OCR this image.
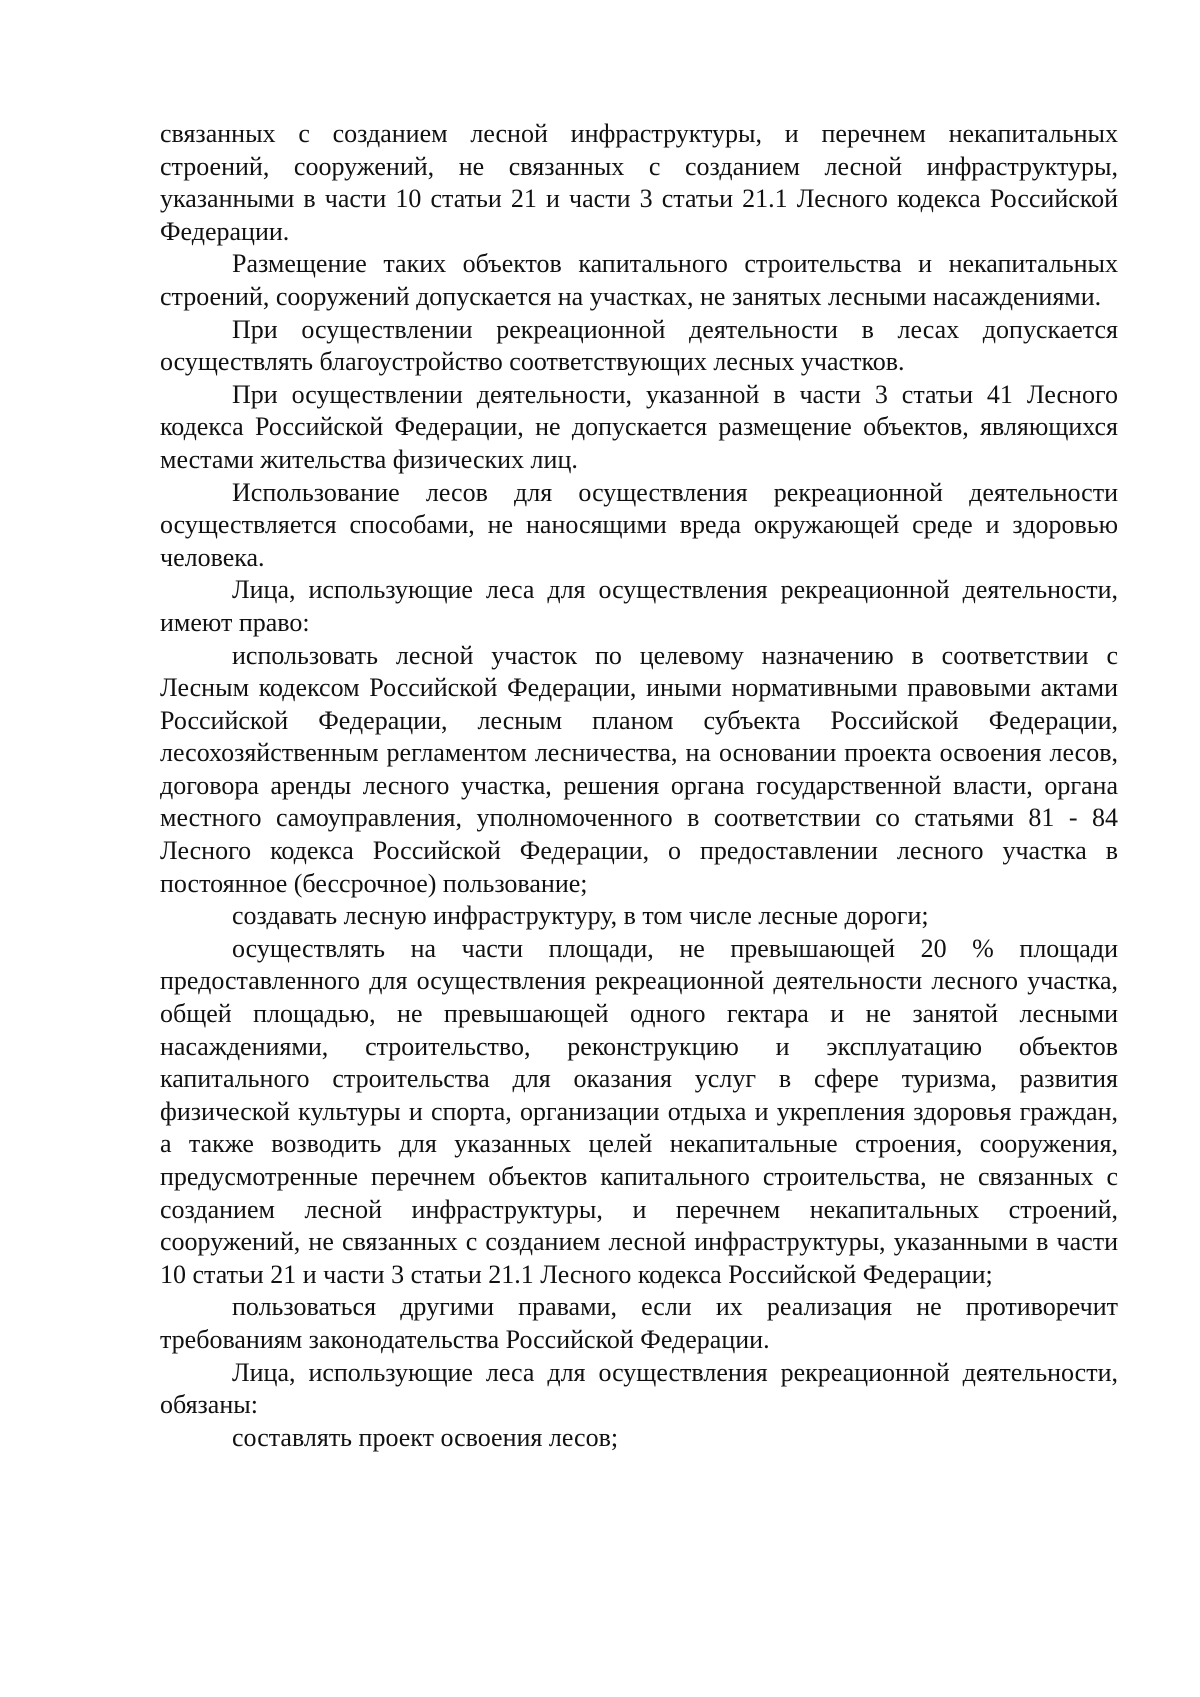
связанных с созданием лесной инфраструктуры, и перечнем некапитальных строений, сооружений, не связанных с созданием лесной инфраструктуры, указанными в части 10 статьи 21 и части 3 статьи 21.1 Лесного кодекса Российской Федерации.

Размещение таких объектов капитального строительства и некапитальных строений, сооружений допускается на участках, не занятых лесными насаждениями.

При осуществлении рекреационной деятельности в лесах допускается осуществлять благоустройство соответствующих лесных участков.

При осуществлении деятельности, указанной в части 3 статьи 41 Лесного кодекса Российской Федерации, не допускается размещение объектов, являющихся местами жительства физических лиц.

Использование лесов для осуществления рекреационной деятельности осуществляется способами, не наносящими вреда окружающей среде и здоровью человека.

Лица, использующие леса для осуществления рекреационной деятельности, имеют право:

использовать лесной участок по целевому назначению в соответствии с Лесным кодексом Российской Федерации, иными нормативными правовыми актами Российской Федерации, лесным планом субъекта Российской Федерации, лесохозяйственным регламентом лесничества, на основании проекта освоения лесов, договора аренды лесного участка, решения органа государственной власти, органа местного самоуправления, уполномоченного в соответствии со статьями 81 - 84 Лесного кодекса Российской Федерации, о предоставлении лесного участка в постоянное (бессрочное) пользование;

создавать лесную инфраструктуру, в том числе лесные дороги;

осуществлять на части площади, не превышающей 20 % площади предоставленного для осуществления рекреационной деятельности лесного участка, общей площадью, не превышающей одного гектара и не занятой лесными насаждениями, строительство, реконструкцию и эксплуатацию объектов капитального строительства для оказания услуг в сфере туризма, развития физической культуры и спорта, организации отдыха и укрепления здоровья граждан, а также возводить для указанных целей некапитальные строения, сооружения, предусмотренные перечнем объектов капитального строительства, не связанных с созданием лесной инфраструктуры, и перечнем некапитальных строений, сооружений, не связанных с созданием лесной инфраструктуры, указанными в части 10 статьи 21 и части 3 статьи 21.1 Лесного кодекса Российской Федерации;

пользоваться другими правами, если их реализация не противоречит требованиям законодательства Российской Федерации.

Лица, использующие леса для осуществления рекреационной деятельности, обязаны:

составлять проект освоения лесов;
